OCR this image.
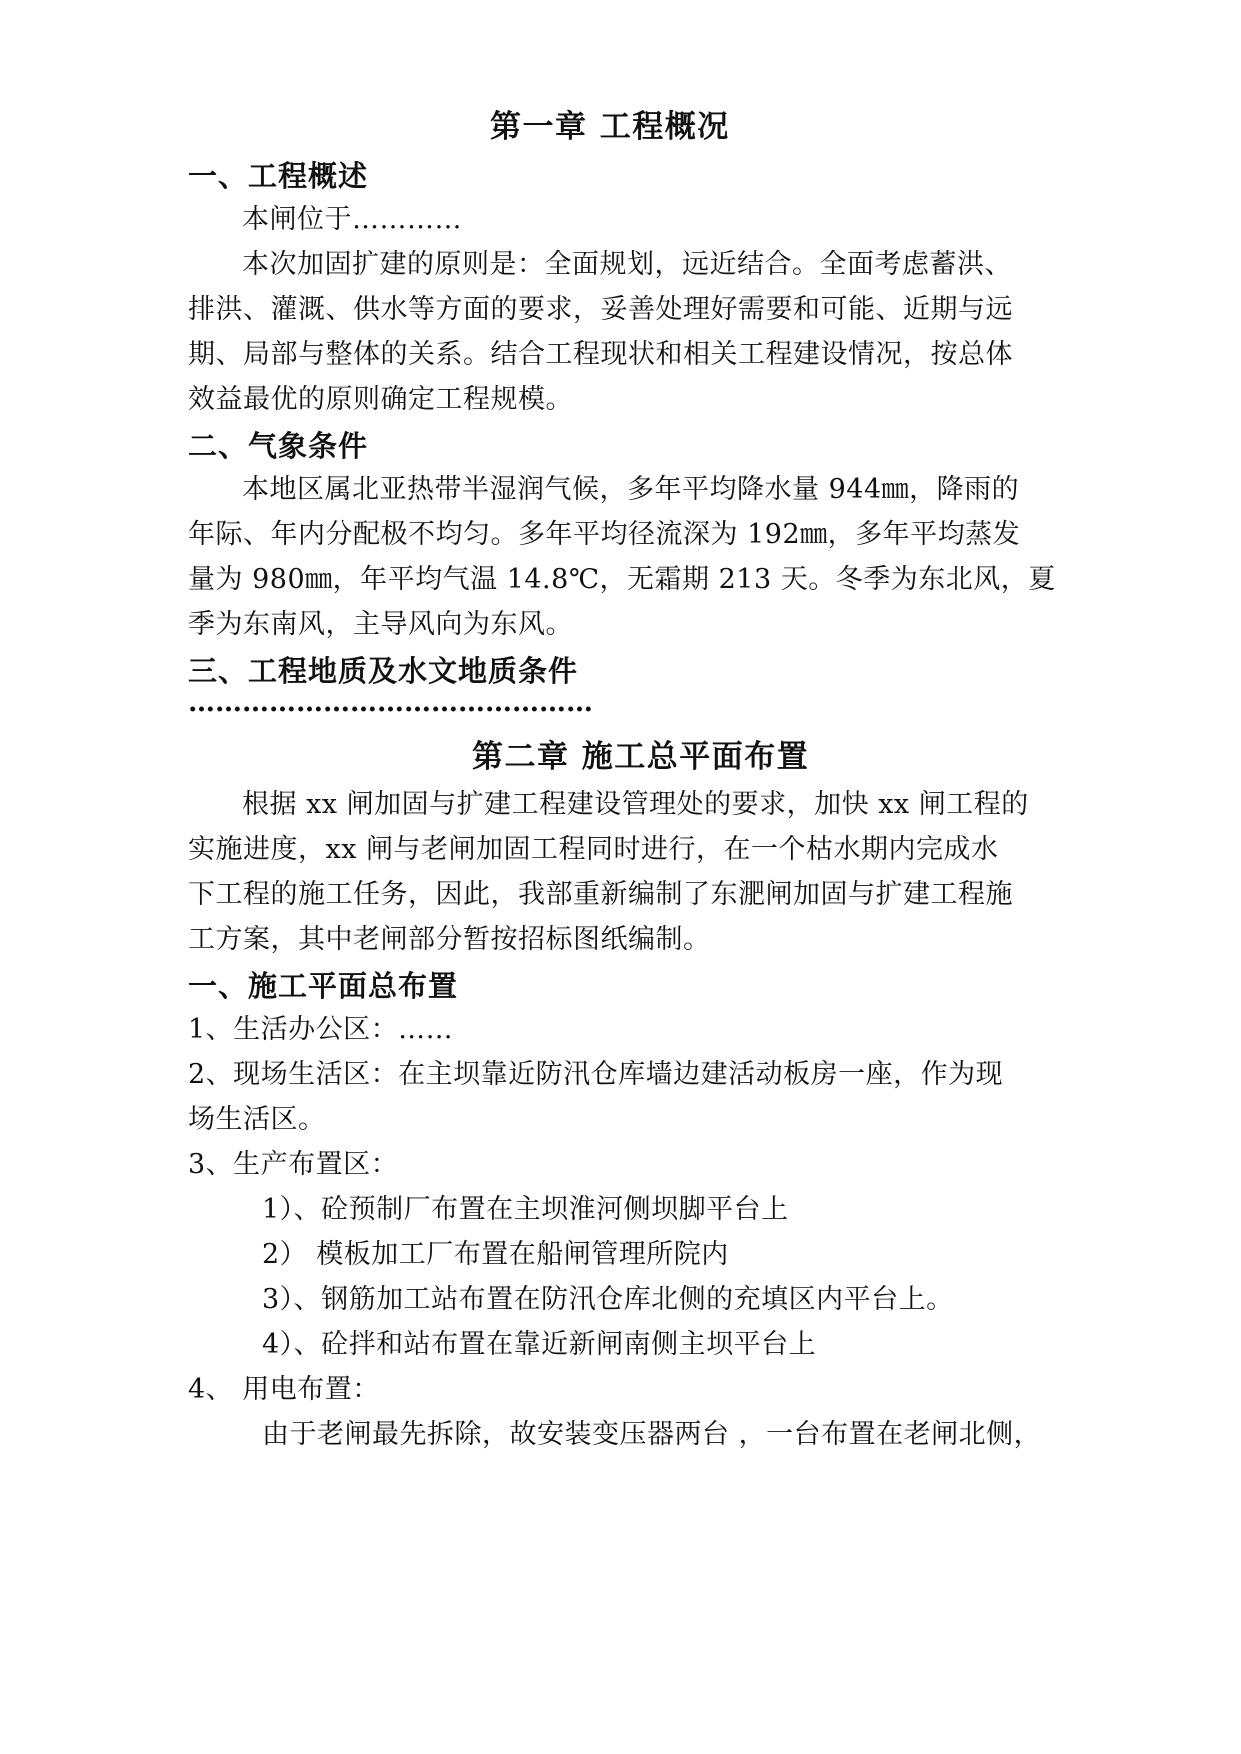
第一章 工程概况
一、工程概述
本闸位于…………
本次加固扩建的原则是：全面规划，远近结合。全面考虑蓄洪、
排洪、灌溉、供水等方面的要求，妥善处理好需要和可能、近期与远
期、局部与整体的关系。结合工程现状和相关工程建设情况，按总体
效益最优的原则确定工程规模。
二、气象条件
本地区属北亚热带半湿润气候，多年平均降水量 944㎜，降雨的
年际、年内分配极不均匀。多年平均径流深为 192㎜，多年平均蒸发
量为 980㎜，年平均气温 14.8℃，无霜期 213 天。冬季为东北风，夏
季为东南风，主导风向为东风。
三、工程地质及水文地质条件
………………………………………
第二章 施工总平面布置
根据 xx 闸加固与扩建工程建设管理处的要求，加快 xx 闸工程的
实施进度，xx 闸与老闸加固工程同时进行，在一个枯水期内完成水
下工程的施工任务，因此，我部重新编制了东淝闸加固与扩建工程施
工方案，其中老闸部分暂按招标图纸编制。
一、施工平面总布置
1、生活办公区：……
2、现场生活区：在主坝靠近防汛仓库墙边建活动板房一座，作为现
场生活区。
3、生产布置区：
1）、砼预制厂布置在主坝淮河侧坝脚平台上
2） 模板加工厂布置在船闸管理所院内
3）、钢筋加工站布置在防汛仓库北侧的充填区内平台上。
4）、砼拌和站布置在靠近新闸南侧主坝平台上
4、 用电布置：
由于老闸最先拆除，故安装变压器两台 ，一台布置在老闸北侧，
